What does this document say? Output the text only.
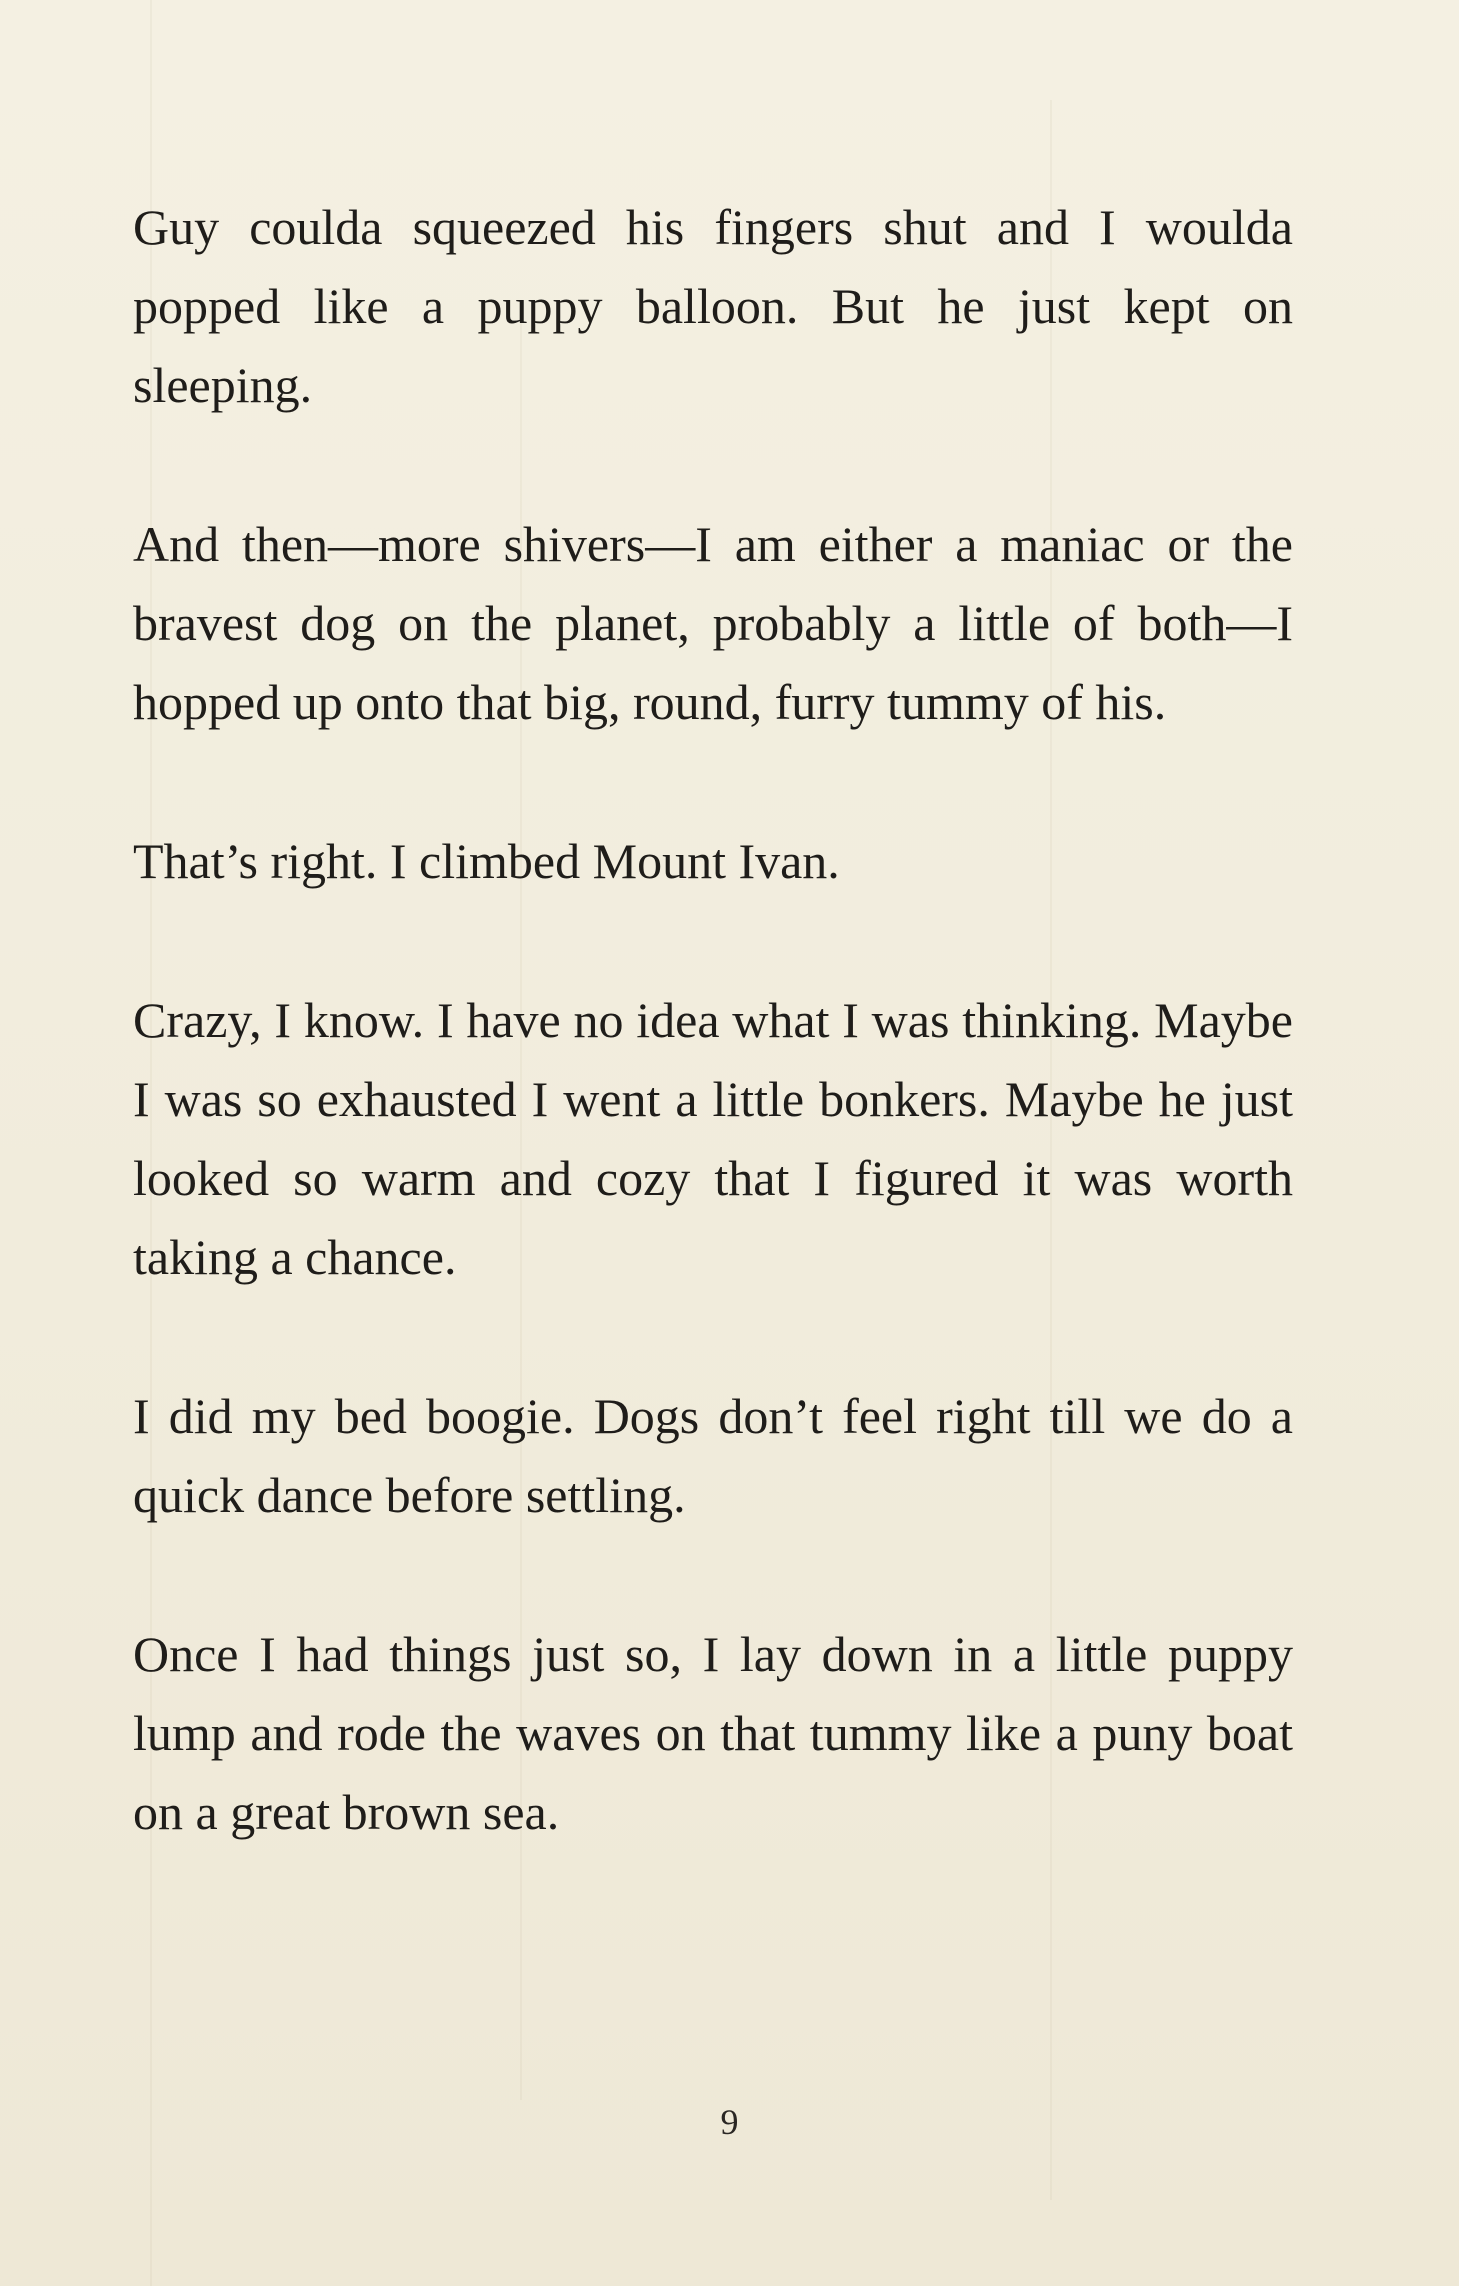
Guy coulda squeezed his fingers shut and I woulda popped like a puppy balloon. But he just kept on sleeping.

And then—more shivers—I am either a maniac or the bravest dog on the planet, probably a little of both—I hopped up onto that big, round, furry tummy of his.

That’s right. I climbed Mount Ivan.

Crazy, I know. I have no idea what I was thinking. Maybe I was so exhausted I went a little bonkers. Maybe he just looked so warm and cozy that I figured it was worth taking a chance.

I did my bed boogie. Dogs don’t feel right till we do a quick dance before settling.

Once I had things just so, I lay down in a little puppy lump and rode the waves on that tummy like a puny boat on a great brown sea.

9
